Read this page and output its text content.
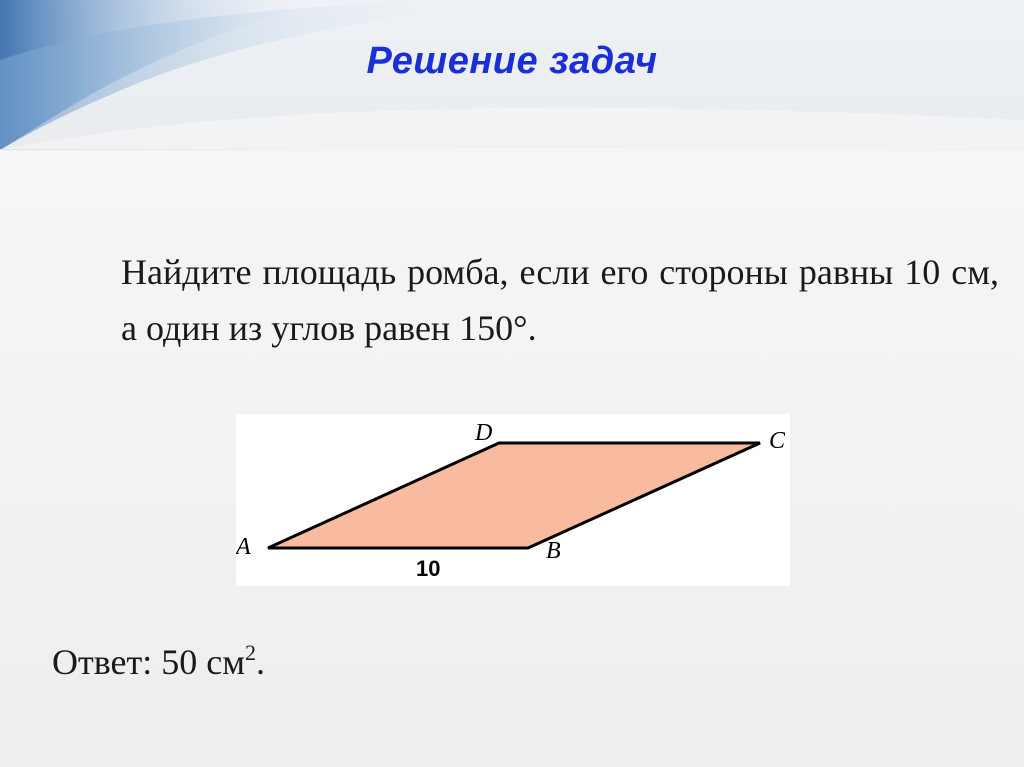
Решение задач
Найдите площадь ромба, если его стороны равны 10 см, а один из углов равен 150°.
A	B
C
D
10
Ответ: 50 $см^2$.
